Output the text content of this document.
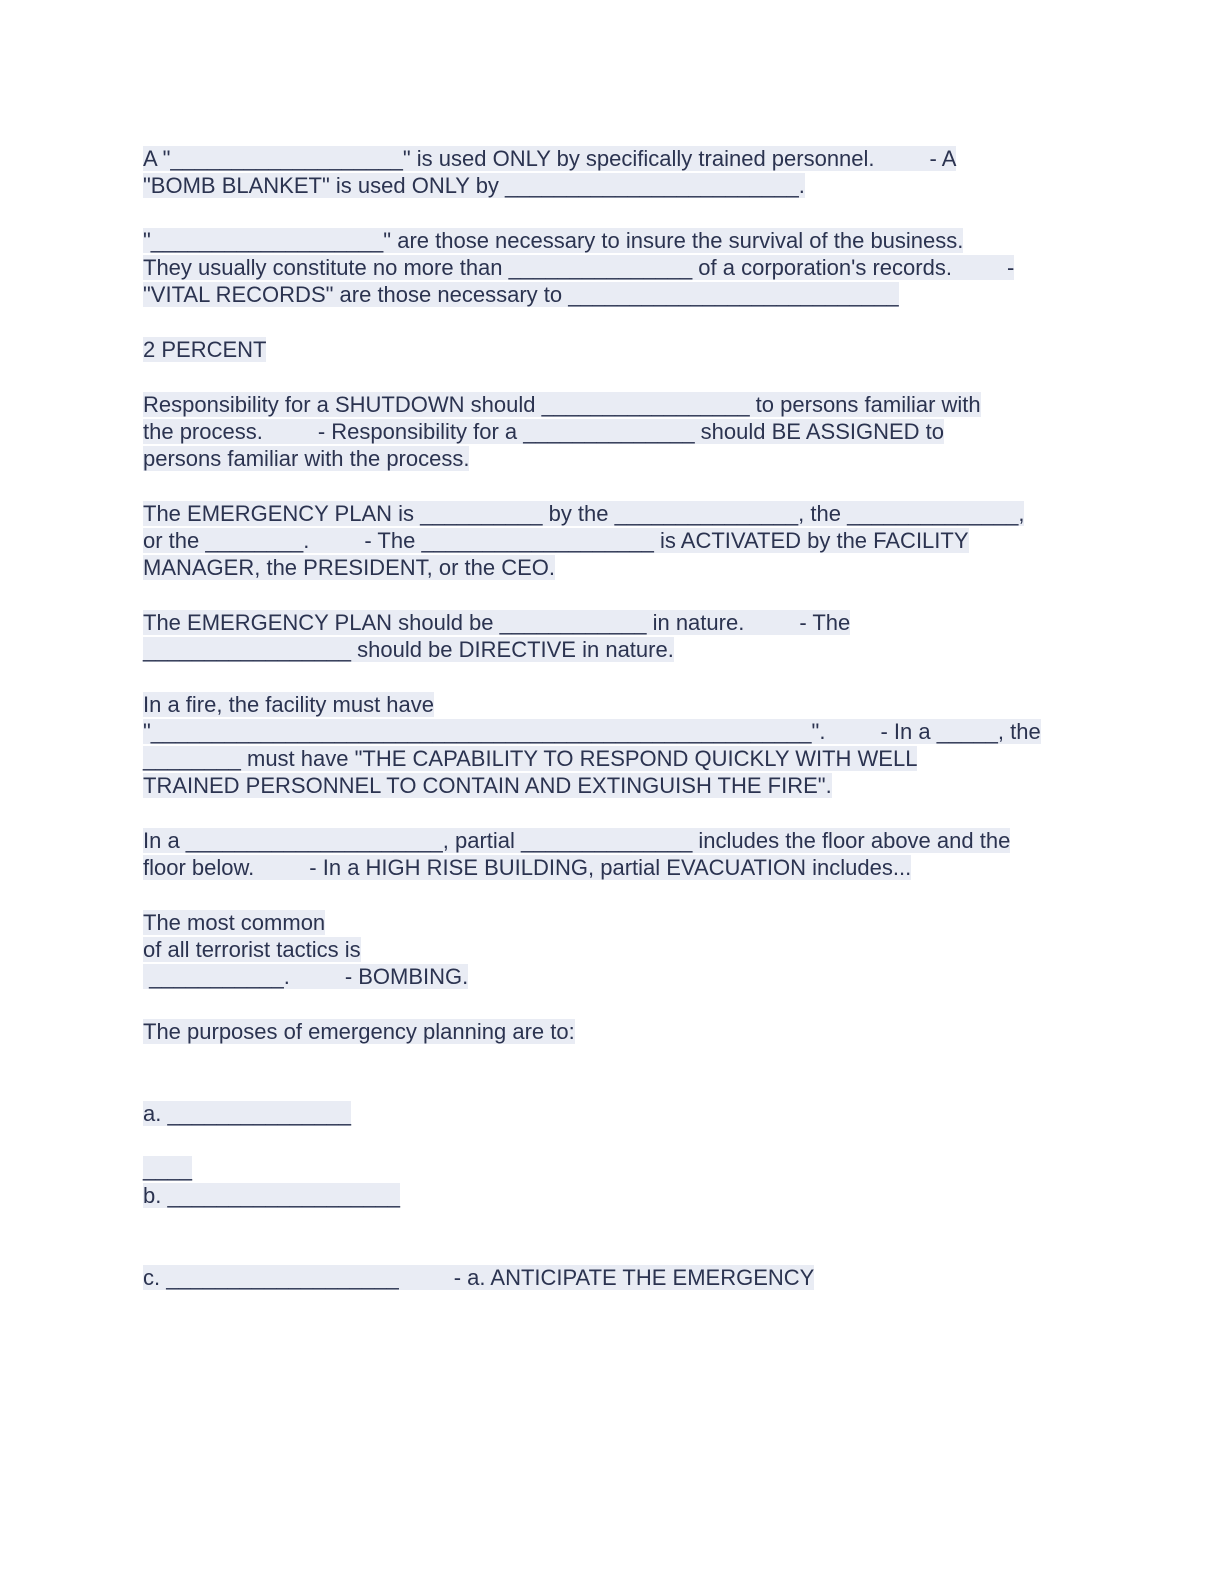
A "___________________" is used ONLY by specifically trained personnel.         - A
"BOMB BLANKET" is used ONLY by ________________________.
"___________________" are those necessary to insure the survival of the business.
They usually constitute no more than _______________ of a corporation's records.         -
"VITAL RECORDS" are those necessary to ___________________________
2 PERCENT
Responsibility for a SHUTDOWN should _________________ to persons familiar with
the process.         - Responsibility for a ______________ should BE ASSIGNED to
persons familiar with the process.
The EMERGENCY PLAN is __________ by the _______________, the ______________,
or the ________.         - The ___________________ is ACTIVATED by the FACILITY
MANAGER, the PRESIDENT, or the CEO.
The EMERGENCY PLAN should be ____________ in nature.         - The
_________________ should be DIRECTIVE in nature.
In a fire, the facility must have
"______________________________________________________".         - In a _____, the
________ must have "THE CAPABILITY TO RESPOND QUICKLY WITH WELL
TRAINED PERSONNEL TO CONTAIN AND EXTINGUISH THE FIRE".
In a _____________________, partial ______________ includes the floor above and the
floor below.         - In a HIGH RISE BUILDING, partial EVACUATION includes...
The most common
of all terrorist tactics is
___________.         - BOMBING.
The purposes of emergency planning are to:
a. _______________
____
b. ___________________
c. ___________________         - a. ANTICIPATE THE EMERGENCY
